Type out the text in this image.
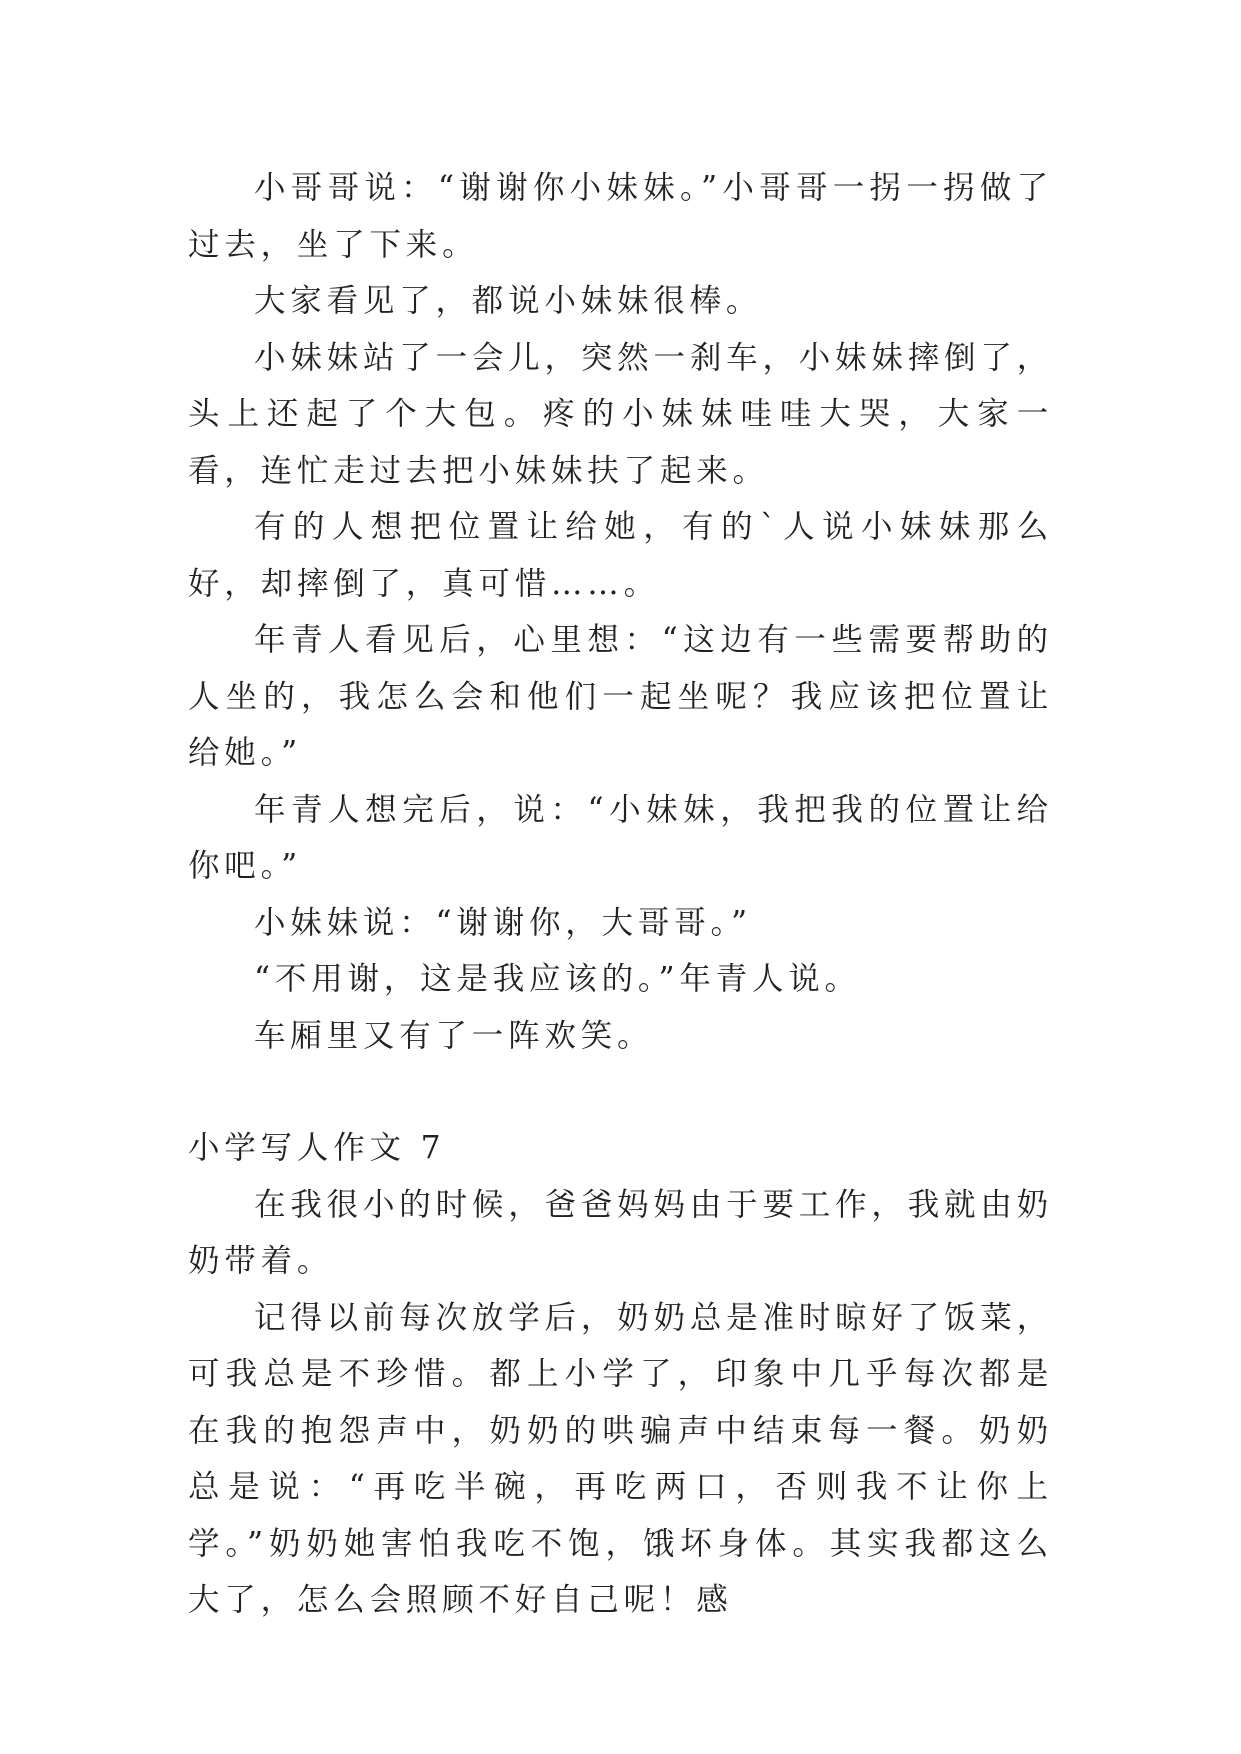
小哥哥说：“谢谢你小妹妹。”小哥哥一拐一拐做了过去，坐了下来。

大家看见了，都说小妹妹很棒。

小妹妹站了一会儿，突然一刹车，小妹妹摔倒了，头上还起了个大包。疼的小妹妹哇哇大哭，大家一看，连忙走过去把小妹妹扶了起来。

有的人想把位置让给她，有的`人说小妹妹那么好，却摔倒了，真可惜……。

年青人看见后，心里想：“这边有一些需要帮助的人坐的，我怎么会和他们一起坐呢？我应该把位置让给她。”

年青人想完后，说：“小妹妹，我把我的位置让给你吧。”

小妹妹说：“谢谢你，大哥哥。”

“不用谢，这是我应该的。”年青人说。

车厢里又有了一阵欢笑。

小学写人作文 7

在我很小的时候，爸爸妈妈由于要工作，我就由奶奶带着。

记得以前每次放学后，奶奶总是准时晾好了饭菜，可我总是不珍惜。都上小学了，印象中几乎每次都是在我的抱怨声中，奶奶的哄骗声中结束每一餐。奶奶总是说：“再吃半碗，再吃两口，否则我不让你上学。”奶奶她害怕我吃不饱，饿坏身体。其实我都这么大了，怎么会照顾不好自己呢！感
